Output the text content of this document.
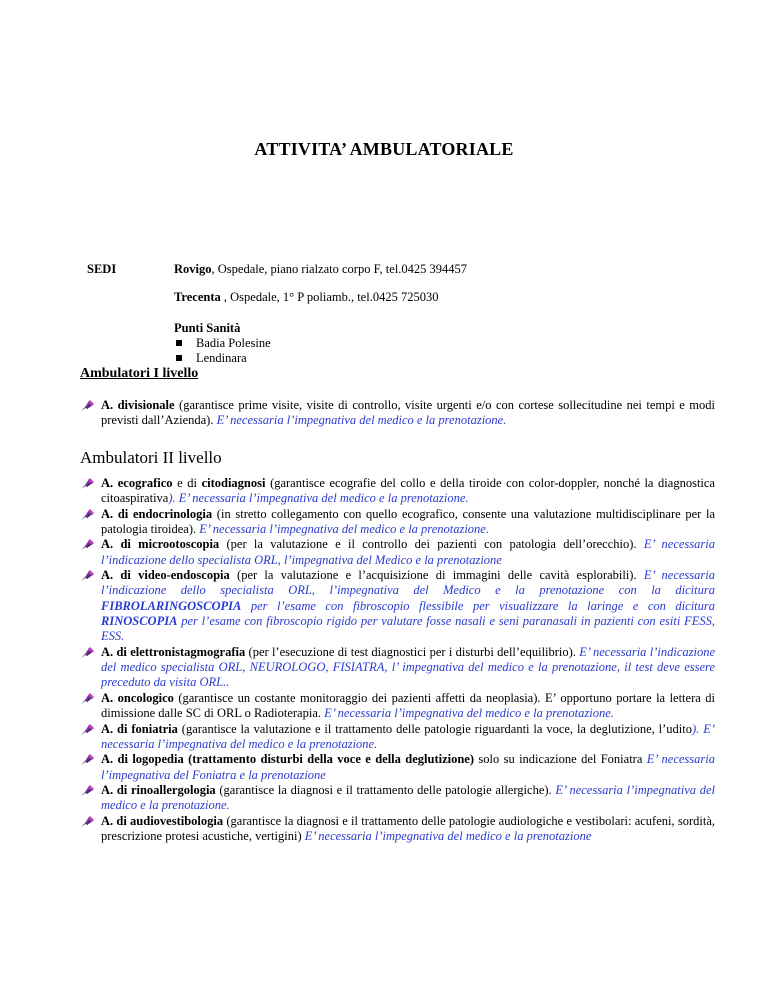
ATTIVITA’ AMBULATORIALE
SEDI	Rovigo, Ospedale, piano rialzato corpo F, tel.0425 394457
Trecenta , Ospedale, 1° P poliamb., tel.0425 725030
Punti Sanità
Badia Polesine
Lendinara
Ambulatori I livello
A. divisionale (garantisce prime visite, visite di controllo, visite urgenti e/o con cortese sollecitudine nei tempi e modi previsti dall’Azienda). E’ necessaria l’impegnativa del medico e la prenotazione.
Ambulatori II livello
A. ecografico e di citodiagnosi (garantisce ecografie del collo e della tiroide con color-doppler, nonché la diagnostica citoaspirativa). E’ necessaria l’impegnativa del medico e la prenotazione.
A. di endocrinologia (in stretto collegamento con quello ecografico, consente una valutazione multidisciplinare per la patologia tiroidea). E’ necessaria l’impegnativa del medico e la prenotazione.
A. di microotoscopia (per la valutazione e il controllo dei pazienti con patologia dell’orecchio). E’ necessaria l’indicazione dello specialista ORL, l’impegnativa del Medico e la prenotazione
A. di video-endoscopia (per la valutazione e l’acquisizione di immagini delle cavità esplorabili). E’ necessaria l’indicazione dello specialista ORL, l’impegnativa del Medico e la prenotazione con la dicitura FIBROLARINGOSCOPIA per l’esame con fibroscopio flessibile per visualizzare la laringe e con dicitura RINOSCOPIA per l’esame con fibroscopio rigido per valutare fosse nasali e seni paranasali in pazienti con esiti FESS, ESS.
A. di elettronistagmografia (per l’esecuzione di test diagnostici per i disturbi dell’equilibrio). E’ necessaria l’indicazione del medico specialista ORL, NEUROLOGO, FISIATRA, l’ impegnativa del medico e la prenotazione, il test deve essere preceduto da visita ORL..
A. oncologico (garantisce un costante monitoraggio dei pazienti affetti da neoplasia). E’ opportuno portare la lettera di dimissione dalle SC di ORL o Radioterapia. E’ necessaria l’impegnativa del medico e la prenotazione.
A. di foniatria (garantisce la valutazione e il trattamento delle patologie riguardanti la voce, la deglutizione, l’udito). E’ necessaria l’impegnativa del medico e la prenotazione.
A. di logopedia (trattamento disturbi della voce e della deglutizione) solo su indicazione del Foniatra E’ necessaria l’impegnativa del Foniatra e la prenotazione
A. di rinoallergologia (garantisce la diagnosi e il trattamento delle patologie allergiche). E’ necessaria l’impegnativa del medico e la prenotazione.
A. di audiovestibologia (garantisce la diagnosi e il trattamento delle patologie audiologiche e vestibolari: acufeni, sordità, prescrizione protesi acustiche, vertigini) E’ necessaria l’impegnativa del medico e la prenotazione
